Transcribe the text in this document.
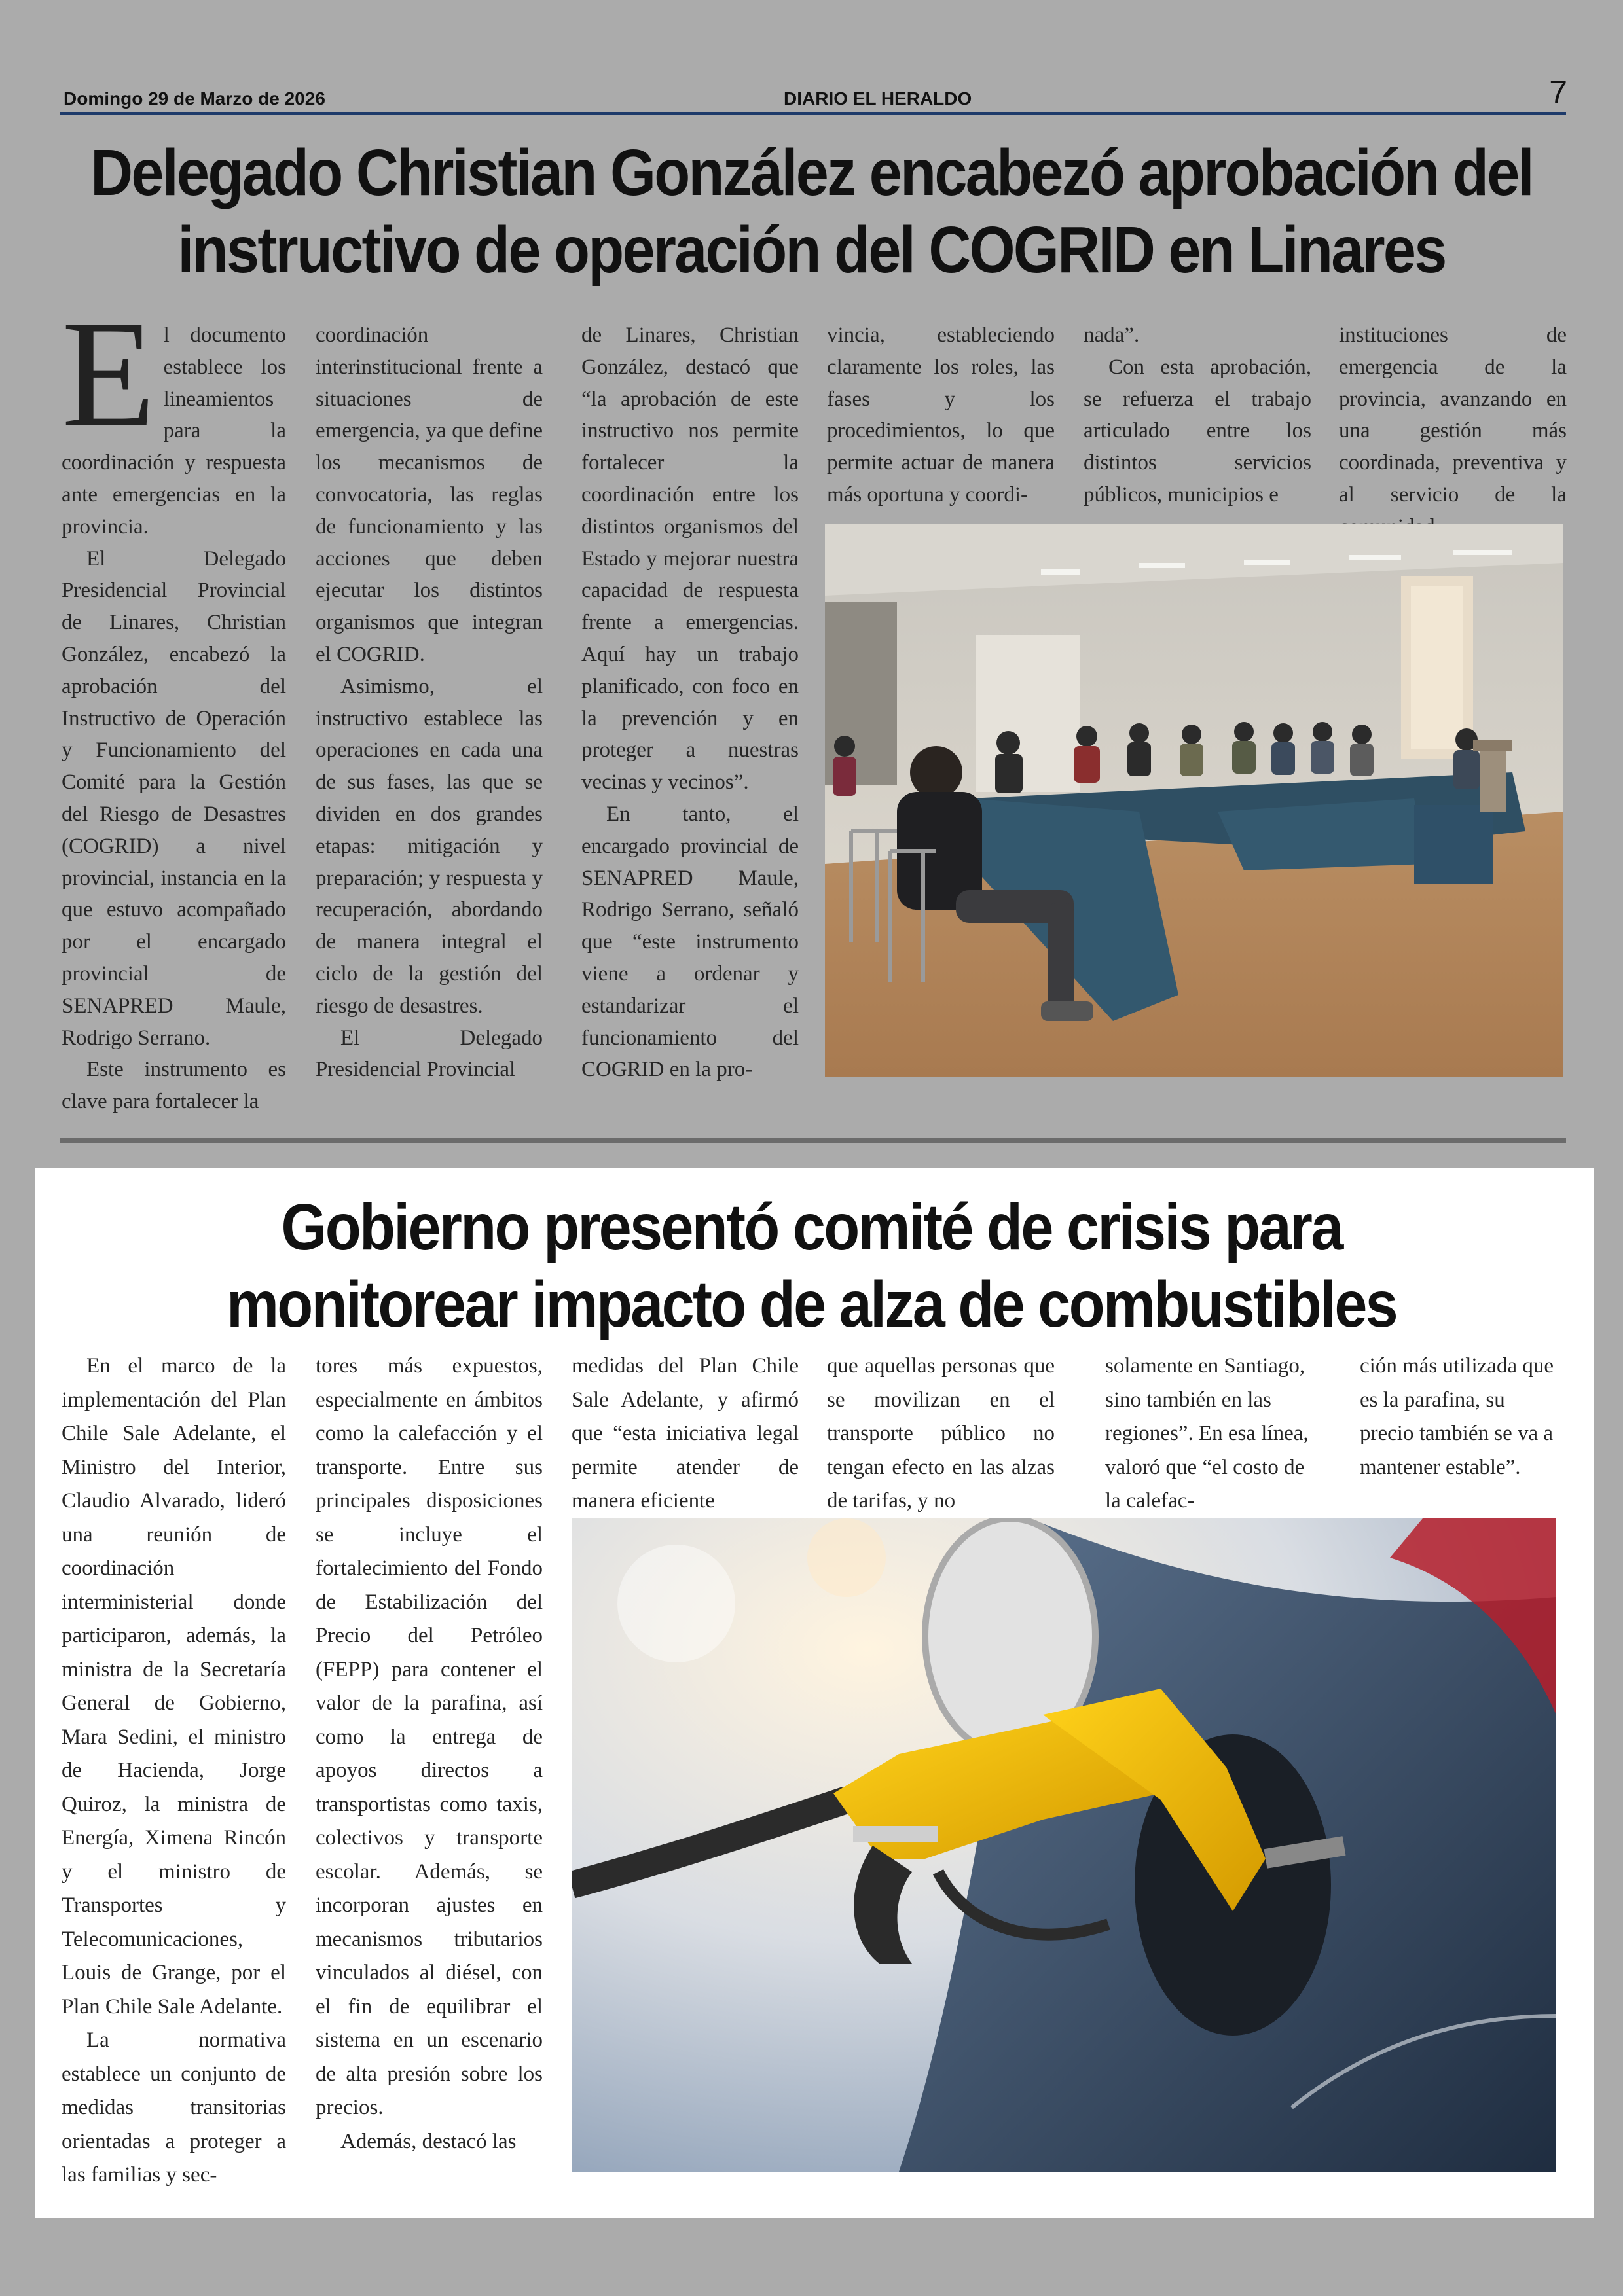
Domingo 29 de Marzo de 2026	DIARIO EL HERALDO	7
Delegado Christian González encabezó aprobación del
instructivo de operación del COGRID en Linares
E l documento establece los lineamientos para la coordinación y respuesta ante emergencias en la provincia.

El Delegado Presidencial Provincial de Linares, Christian González, encabezó la aprobación del Instructivo de Operación y Funcionamiento del Comité para la Gestión del Riesgo de Desastres (COGRID) a nivel provincial, instancia en la que estuvo acompañado por el encargado provincial de SENAPRED Maule, Rodrigo Serrano.

Este instrumento es clave para fortalecer la

coordinación interinstitucional frente a situaciones de emergencia, ya que define los mecanismos de convocatoria, las reglas de funcionamiento y las acciones que deben ejecutar los distintos organismos que integran el COGRID.

Asimismo, el instructivo establece las operaciones en cada una de sus fases, las que se dividen en dos grandes etapas: mitigación y preparación; y respuesta y recuperación, abordando de manera integral el ciclo de la gestión del riesgo de desastres.

El Delegado Presidencial Provincial

de Linares, Christian González, destacó que “la aprobación de este instructivo nos permite fortalecer la coordinación entre los distintos organismos del Estado y mejorar nuestra capacidad de respuesta frente a emergencias. Aquí hay un trabajo planificado, con foco en la prevención y en proteger a nuestras vecinas y vecinos”.

En tanto, el encargado provincial de SENAPRED Maule, Rodrigo Serrano, señaló que “este instrumento viene a ordenar y estandarizar el funcionamiento del COGRID en la pro-

vincia, estableciendo claramente los roles, las fases y los procedimientos, lo que permite actuar de manera más oportuna y coordi-

nada”.

Con esta aprobación, se refuerza el trabajo articulado entre los distintos servicios públicos, municipios e

instituciones de emergencia de la provincia, avanzando en una gestión más coordinada, preventiva y al servicio de la

Gobierno presentó comité de crisis para
monitorear impacto de alza de combustibles

En el marco de la implementación del Plan Chile Sale Adelante, el Ministro del Interior, Claudio Alvarado, lideró una reunión de coordinación interministerial donde participaron, además, la ministra de la Secretaría General de Gobierno, Mara Sedini, el ministro de Hacienda, Jorge Quiroz, la ministra de Energía, Ximena Rincón y el ministro de Transportes y Telecomunicaciones, Louis de Grange, por el Plan Chile Sale Adelante.

La normativa establece un conjunto de medidas transitorias orientadas a proteger a las familias y sec-

tores más expuestos, especialmente en ámbitos como la calefacción y el transporte. Entre sus principales disposiciones se incluye el fortalecimiento del Fondo de Estabilización del Precio del Petróleo (FEPP) para contener el valor de la parafina, así como la entrega de apoyos directos a transportistas como taxis, colectivos y transporte escolar. Además, se incorporan ajustes en mecanismos tributarios vinculados al diésel, con el fin de equilibrar el sistema en un escenario de alta presión sobre los precios.

Además, destacó las

medidas del Plan Chile Sale Adelante, y afirmó que “esta iniciativa legal permite atender de manera eficiente

que aquellas personas que se movilizan en el transporte público no tengan efecto en las alzas de tarifas, y no

solamente en Santiago, sino también en las regiones”. En esa línea, valoró que “el costo de la calefac-

ción más utilizada que es la parafina, su precio también se va a mantener estable”.
